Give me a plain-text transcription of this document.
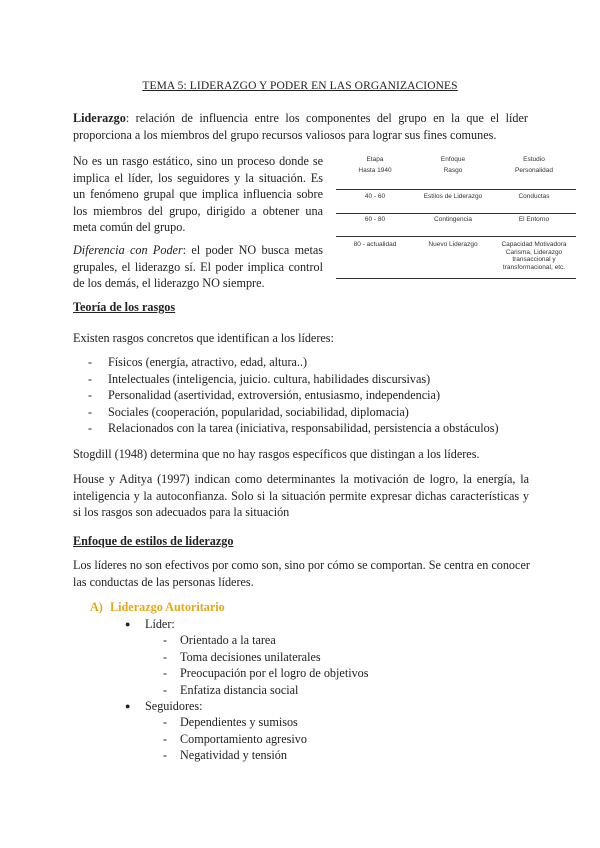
TEMA 5: LIDERAZGO Y PODER EN LAS ORGANIZACIONES

Liderazgo: relación de influencia entre los componentes del grupo en la que el líder proporciona a los miembros del grupo recursos valiosos para lograr sus fines comunes.

No es un rasgo estático, sino un proceso donde se implica el líder, los seguidores y la situación. Es un fenómeno grupal que implica influencia sobre los miembros del grupo, dirigido a obtener una meta común del grupo.

Diferencia con Poder: el poder NO busca metas grupales, el liderazgo sí. El poder implica control de los demás, el liderazgo NO siempre.

Etapa	Enfoque	Estudio
Hasta 1940	Rasgo	Personalidad
40 - 60	Estilos de Liderazgo	Conductas
60 - 80	Contingencia	El Entorno
80 - actualidad	Nuevo Liderazgo	Capacidad Motivadora
Carisma, Liderazgo transaccional y transformacional, etc.
Teoría de los rasgos

Existen rasgos concretos que identifican a los líderes:

- Físicos (energía, atractivo, edad, altura..)
- Intelectuales (inteligencia, juicio. cultura, habilidades discursivas)
- Personalidad (asertividad, extroversión, entusiasmo, independencia)
- Sociales (cooperación, popularidad, sociabilidad, diplomacia)
- Relacionados con la tarea (iniciativa, responsabilidad, persistencia a obstáculos)

Stogdill (1948) determina que no hay rasgos específicos que distingan a los líderes.

House y Aditya (1997) indican como determinantes la motivación de logro, la energía, la inteligencia y la autoconfianza. Solo si la situación permite expresar dichas características y si los rasgos son adecuados para la situación

Enfoque de estilos de liderazgo

Los líderes no son efectivos por como son, sino por cómo se comportan. Se centra en conocer las conductas de las personas líderes.

A) Liderazgo Autoritario
● Líder:
- Orientado a la tarea
- Toma decisiones unilaterales
- Preocupación por el logro de objetivos
- Enfatiza distancia social
● Seguidores:
- Dependientes y sumisos
- Comportamiento agresivo
- Negatividad y tensión
